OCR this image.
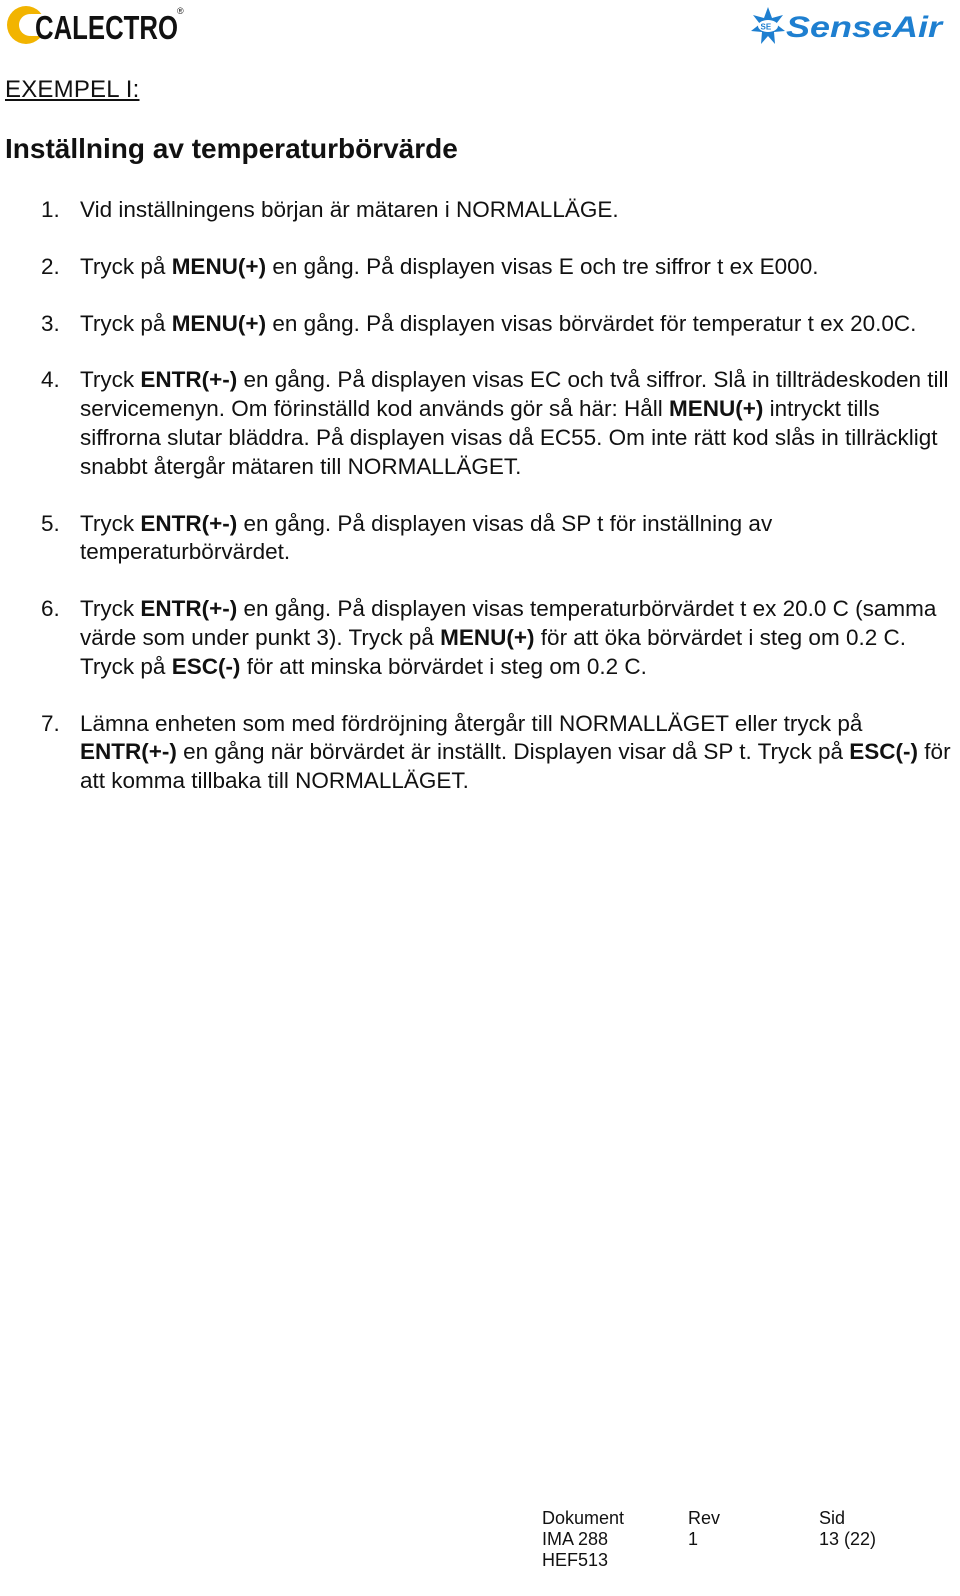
CALECTRO ®
SE SenseAir
EXEMPEL I:
Inställning av temperaturbörvärde
1. Vid inställningens början är mätaren i NORMALLÄGE.
2. Tryck på MENU(+) en gång. På displayen visas E och tre siffror t ex E000.
3. Tryck på MENU(+) en gång. På displayen visas börvärdet för temperatur t ex 20.0C.
4. Tryck ENTR(+-) en gång. På displayen visas EC och två siffror. Slå in tillträdeskoden till servicemenyn. Om förinställd kod används gör så här: Håll MENU(+) intryckt tills siffrorna slutar bläddra. På displayen visas då EC55. Om inte rätt kod slås in tillräckligt snabbt återgår mätaren till NORMALLÄGET.
5. Tryck ENTR(+-) en gång. På displayen visas då SP t för inställning av temperaturbörvärdet.
6. Tryck ENTR(+-) en gång. På displayen visas temperaturbörvärdet t ex 20.0 C (samma värde som under punkt 3). Tryck på MENU(+) för att öka börvärdet i steg om 0.2 C. Tryck på ESC(-) för att minska börvärdet i steg om 0.2 C.
7. Lämna enheten som med fördröjning återgår till NORMALLÄGET eller tryck på ENTR(+-) en gång när börvärdet är inställt. Displayen visar då SP t. Tryck på ESC(-) för att komma tillbaka till NORMALLÄGET.
Dokument
IMA 288
HEF513
Rev
1
Sid
13 (22)
